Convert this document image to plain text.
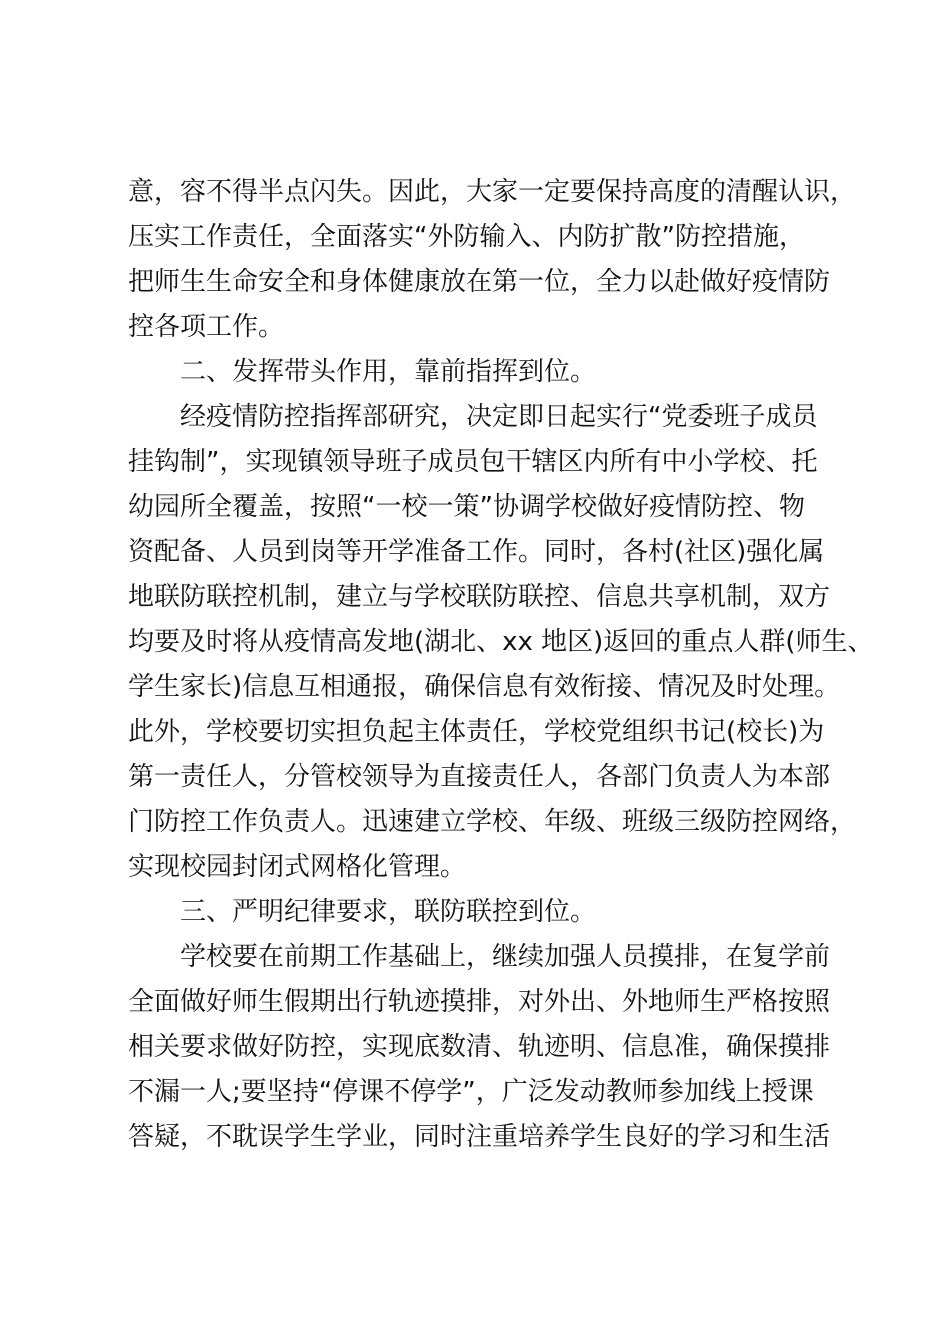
意，容不得半点闪失。因此，大家一定要保持高度的清醒认识，
压实工作责任，全面落实“外防输入、内防扩散”防控措施，
把师生生命安全和身体健康放在第一位，全力以赴做好疫情防
控各项工作。
二、发挥带头作用，靠前指挥到位。
经疫情防控指挥部研究，决定即日起实行“党委班子成员
挂钩制”，实现镇领导班子成员包干辖区内所有中小学校、托
幼园所全覆盖，按照“一校一策”协调学校做好疫情防控、物
资配备、人员到岗等开学准备工作。同时，各村(社区)强化属
地联防联控机制，建立与学校联防联控、信息共享机制，双方
均要及时将从疫情高发地(湖北、xx 地区)返回的重点人群(师生、
学生家长)信息互相通报，确保信息有效衔接、情况及时处理。
此外，学校要切实担负起主体责任，学校党组织书记(校长)为
第一责任人，分管校领导为直接责任人，各部门负责人为本部
门防控工作负责人。迅速建立学校、年级、班级三级防控网络，
实现校园封闭式网格化管理。
三、严明纪律要求，联防联控到位。
学校要在前期工作基础上，继续加强人员摸排，在复学前
全面做好师生假期出行轨迹摸排，对外出、外地师生严格按照
相关要求做好防控，实现底数清、轨迹明、信息准，确保摸排
不漏一人;要坚持“停课不停学”，广泛发动教师参加线上授课
答疑，不耽误学生学业，同时注重培养学生良好的学习和生活
